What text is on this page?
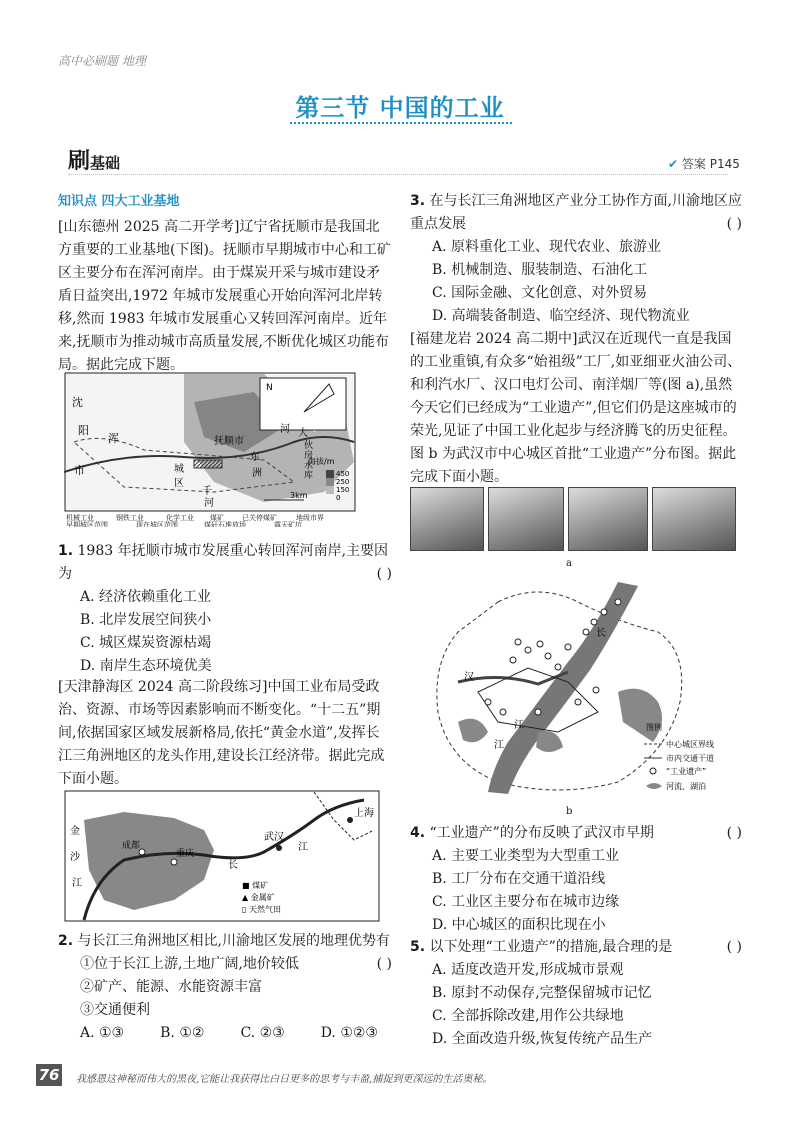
高中必刷题 地理
第三节 中国的工业
刷基础	✔ 答案 P145
知识点 四大工业基地
[山东德州 2025 高二开学考]辽宁省抚顺市是我国北方重要的工业基地(下图)。抚顺市早期城市中心和工矿区主要分布在浑河南岸。由于煤炭开采与城市建设矛盾日益突出,1972 年城市发展重心开始向浑河北岸转移,然而 1983 年城市发展重心又转回浑河南岸。近年来,抚顺市为推动城市高质量发展,不断优化城区功能布局。据此完成下题。
N
沈
阳
浑
市
抚顺市
东
洲
城
区
千
河
河 大
伙
房
水
库
海拔/m
450
250
150
0
3km
机械工业	钢铁工业	化学工业 煤矿	已关停煤矿	地级市界
早期城区范围	现在城区范围	煤矸石堆放场	露天矿坑
1. 1983 年抚顺市城市发展重心转回浑河南岸,主要因为	( )
A. 经济依赖重化工业
B. 北岸发展空间狭小
C. 城区煤炭资源枯竭
D. 南岸生态环境优美
[天津静海区 2024 高二阶段练习]中国工业布局受政治、资源、市场等因素影响而不断变化。“十二五”期间,依据国家区域发展新格局,依托“黄金水道”,发挥长江三角洲地区的龙头作用,建设长江经济带。据此完成下面小题。
上海
武汉
重庆
成都
金
沙
江
长
江
■ 煤矿
▲ 金属矿
▯ 天然气田
2. 与长江三角洲地区相比,川渝地区发展的地理优势有
( )
①位于长江上游,土地广阔,地价较低
②矿产、能源、水能资源丰富
③交通便利
A. ①③	B. ①②	C. ②③	D. ①②③
3. 在与长江三角洲地区产业分工协作方面,川渝地区应重点发展	( )
A. 原料重化工业、现代农业、旅游业
B. 机械制造、服装制造、石油化工
C. 国际金融、文化创意、对外贸易
D. 高端装备制造、临空经济、现代物流业
[福建龙岩 2024 高二期中]武汉在近现代一直是我国的工业重镇,有众多“始祖级”工厂,如亚细亚火油公司、和利汽水厂、汉口电灯公司、南洋烟厂等(图 a),虽然今天它们已经成为“工业遗产”,但它们仍是这座城市的荣光,见证了中国工业化起步与经济腾飞的历史征程。图 b 为武汉市中心城区首批“工业遗产”分布图。据此完成下面小题。
a
长
江
汉
江
图例
中心城区界线
市内交通干道
“工业遗产”
河流、湖泊
b
4. “工业遗产”的分布反映了武汉市早期	( )
A. 主要工业类型为大型重工业
B. 工厂分布在交通干道沿线
C. 工业区主要分布在城市边缘
D. 中心城区的面积比现在小
5. 以下处理“工业遗产”的措施,最合理的是	( )
A. 适度改造开发,形成城市景观
B. 原封不动保存,完整保留城市记忆
C. 全部拆除改建,用作公共绿地
D. 全面改造升级,恢复传统产品生产
76 我感恩这神秘而伟大的黑夜,它能让我获得比白日更多的思考与丰盈,捕捉到更深远的生活奥秘。
